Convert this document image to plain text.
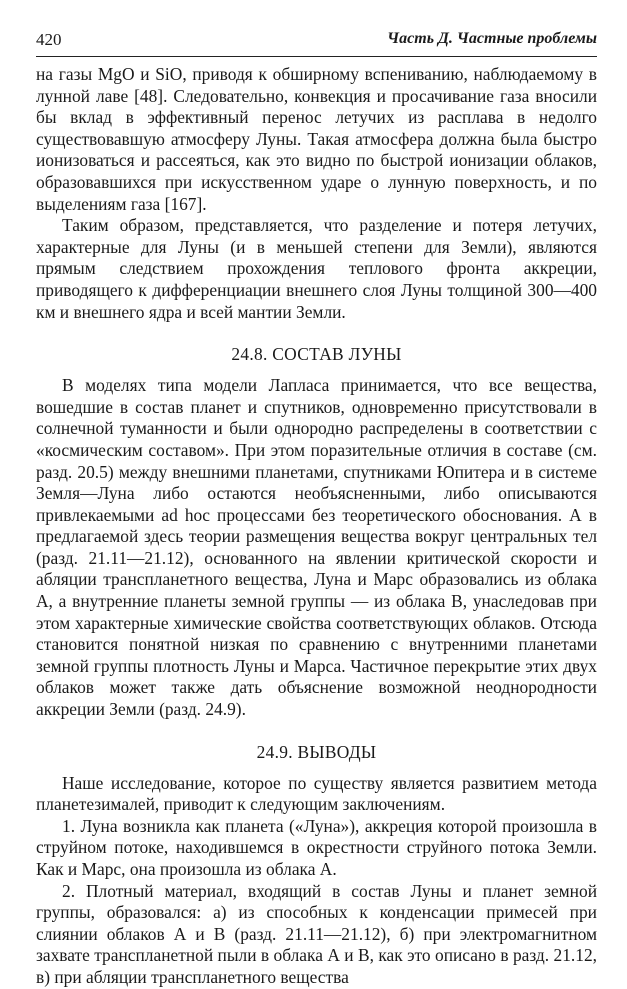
420	Часть Д. Частные проблемы

на газы MgO и SiO, приводя к обширному вспениванию, наблюдаемому в лунной лаве [48]. Следовательно, конвекция и просачивание газа вносили бы вклад в эффективный перенос летучих из расплава в недолго существовавшую атмосферу Луны. Такая атмосфера должна была быстро ионизоваться и рассеяться, как это видно по быстрой ионизации облаков, образовавшихся при искусственном ударе о лунную поверхность, и по выделениям газа [167].

Таким образом, представляется, что разделение и потеря летучих, характерные для Луны (и в меньшей степени для Земли), являются прямым следствием прохождения теплового фронта аккреции, приводящего к дифференциации внешнего слоя Луны толщиной 300—400 км и внешнего ядра и всей мантии Земли.

24.8. СОСТАВ ЛУНЫ

В моделях типа модели Лапласа принимается, что все вещества, вошедшие в состав планет и спутников, одновременно присутствовали в солнечной туманности и были однородно распределены в соответствии с «космическим составом». При этом поразительные отличия в составе (см. разд. 20.5) между внешними планетами, спутниками Юпитера и в системе Земля—Луна либо остаются необъясненными, либо описываются привлекаемыми ad hoc процессами без теоретического обоснования. А в предлагаемой здесь теории размещения вещества вокруг центральных тел (разд. 21.11—21.12), основанного на явлении критической скорости и абляции транспланетного вещества, Луна и Марс образовались из облака А, а внутренние планеты земной группы — из облака В, унаследовав при этом характерные химические свойства соответствующих облаков. Отсюда становится понятной низкая по сравнению с внутренними планетами земной группы плотность Луны и Марса. Частичное перекрытие этих двух облаков может также дать объяснение возможной неоднородности аккреции Земли (разд. 24.9).

24.9. ВЫВОДЫ

Наше исследование, которое по существу является развитием метода планетезималей, приводит к следующим заключениям.

1. Луна возникла как планета («Луна»), аккреция которой произошла в струйном потоке, находившемся в окрестности струйного потока Земли. Как и Марс, она произошла из облака А.

2. Плотный материал, входящий в состав Луны и планет земной группы, образовался: а) из способных к конденсации примесей при слиянии облаков А и В (разд. 21.11—21.12), б) при электромагнитном захвате транспланетной пыли в облака А и В, как это описано в разд. 21.12, в) при абляции транспланетного вещества
